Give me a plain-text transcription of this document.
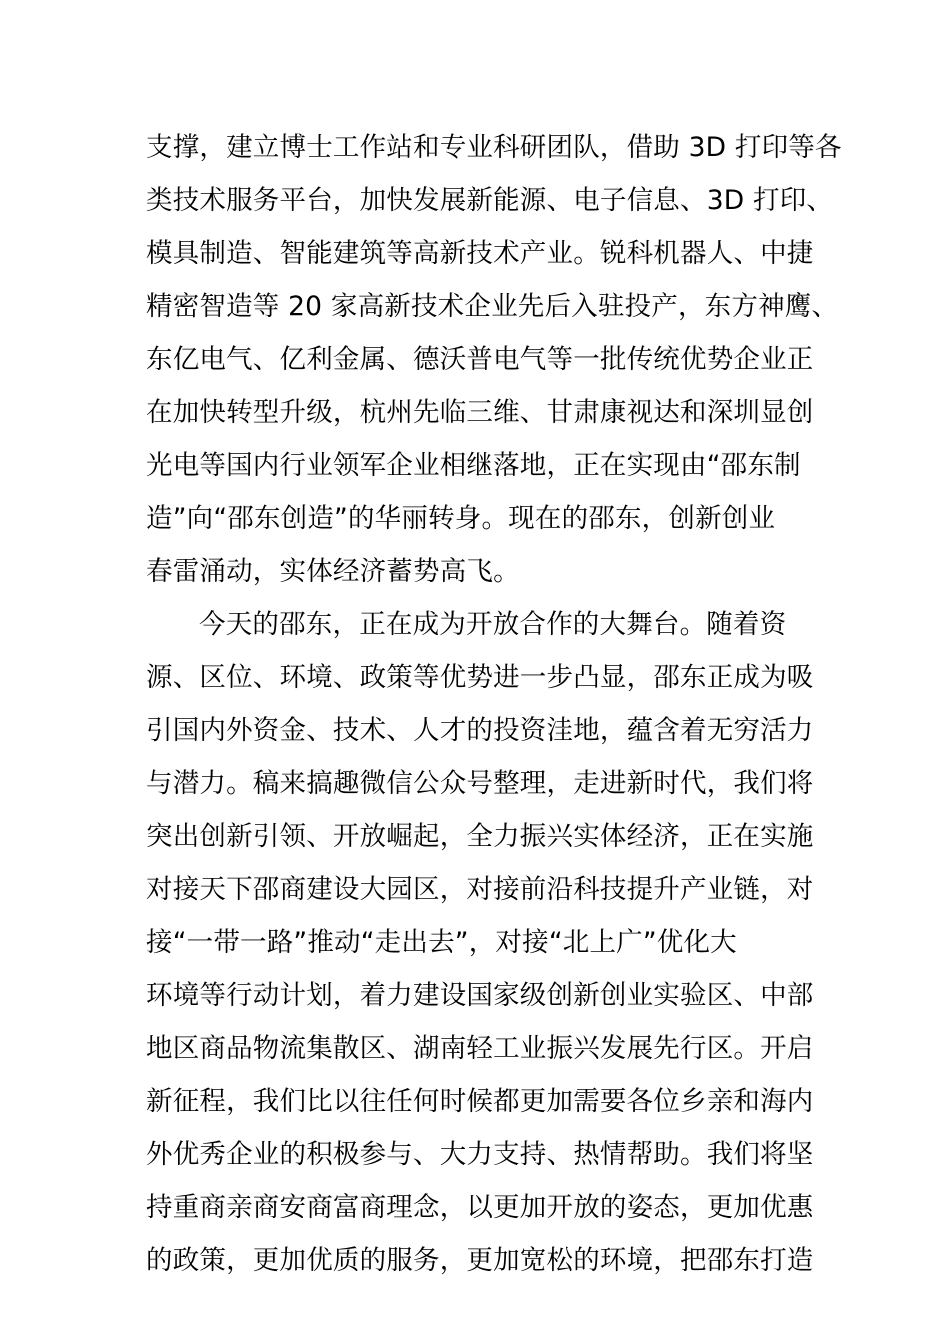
支撑，建立博士工作站和专业科研团队，借助 3D 打印等各
类技术服务平台，加快发展新能源、电子信息、3D 打印、
模具制造、智能建筑等高新技术产业。锐科机器人、中捷
精密智造等 20 家高新技术企业先后入驻投产，东方神鹰、
东亿电气、亿利金属、德沃普电气等一批传统优势企业正
在加快转型升级，杭州先临三维、甘肃康视达和深圳显创
光电等国内行业领军企业相继落地，正在实现由“邵东制
造”向“邵东创造”的华丽转身。现在的邵东，创新创业
春雷涌动，实体经济蓄势高飞。
今天的邵东，正在成为开放合作的大舞台。随着资
源、区位、环境、政策等优势进一步凸显，邵东正成为吸
引国内外资金、技术、人才的投资洼地，蕴含着无穷活力
与潜力。稿来搞趣微信公众号整理，走进新时代，我们将
突出创新引领、开放崛起，全力振兴实体经济，正在实施
对接天下邵商建设大园区，对接前沿科技提升产业链，对
接“一带一路”推动“走出去”，对接“北上广”优化大
环境等行动计划，着力建设国家级创新创业实验区、中部
地区商品物流集散区、湖南轻工业振兴发展先行区。开启
新征程，我们比以往任何时候都更加需要各位乡亲和海内
外优秀企业的积极参与、大力支持、热情帮助。我们将坚
持重商亲商安商富商理念，以更加开放的姿态，更加优惠
的政策，更加优质的服务，更加宽松的环境，把邵东打造
